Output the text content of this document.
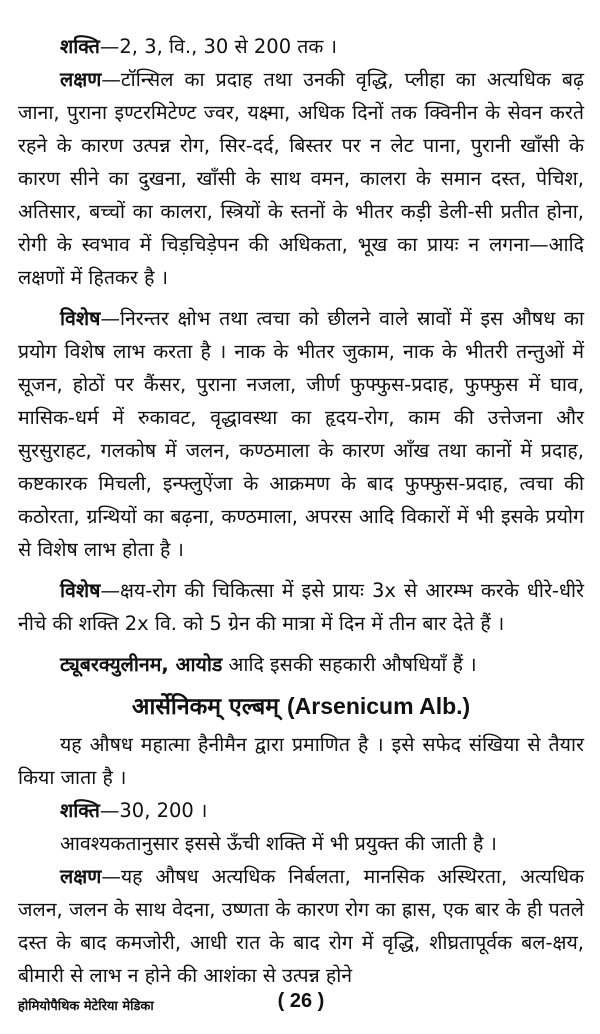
शक्ति—2, 3, वि., 30 से 200 तक ।

लक्षण—टॉन्सिल का प्रदाह तथा उनकी वृद्धि, प्लीहा का अत्यधिक बढ़ जाना, पुराना इण्टरमिटेण्ट ज्वर, यक्ष्मा, अधिक दिनों तक क्विनीन के सेवन करते रहने के कारण उत्पन्न रोग, सिर-दर्द, बिस्तर पर न लेट पाना, पुरानी खाँसी के कारण सीने का दुखना, खाँसी के साथ वमन, कालरा के समान दस्त, पेचिश, अतिसार, बच्चों का कालरा, स्त्रियों के स्तनों के भीतर कड़ी डेली-सी प्रतीत होना, रोगी के स्वभाव में चिड़चिड़ेपन की अधिकता, भूख का प्रायः न लगना—आदि लक्षणों में हितकर है ।

विशेष—निरन्तर क्षोभ तथा त्वचा को छीलने वाले स्रावों में इस औषध का प्रयोग विशेष लाभ करता है । नाक के भीतर जुकाम, नाक के भीतरी तन्तुओं में सूजन, होठों पर कैंसर, पुराना नजला, जीर्ण फुफ्फुस-प्रदाह, फुफ्फुस में घाव, मासिक-धर्म में रुकावट, वृद्धावस्था का हृदय-रोग, काम की उत्तेजना और सुरसुराहट, गलकोष में जलन, कण्ठमाला के कारण आँख तथा कानों में प्रदाह, कष्टकारक मिचली, इन्फ्लुऐंजा के आक्रमण के बाद फुफ्फुस-प्रदाह, त्वचा की कठोरता, ग्रन्थियों का बढ़ना, कण्ठमाला, अपरस आदि विकारों में भी इसके प्रयोग से विशेष लाभ होता है ।

विशेष—क्षय-रोग की चिकित्सा में इसे प्रायः 3x से आरम्भ करके धीरे-धीरे नीचे की शक्ति 2x वि. को 5 ग्रेन की मात्रा में दिन में तीन बार देते हैं ।

ट्यूबरक्युलीनम, आयोड आदि इसकी सहकारी औषधियाँ हैं ।

आर्सेनिकम् एल्बम् (Arsenicum Alb.)

यह औषध महात्मा हैनीमैन द्वारा प्रमाणित है । इसे सफेद संखिया से तैयार किया जाता है ।

शक्ति—30, 200 ।

आवश्यकतानुसार इससे ऊँची शक्ति में भी प्रयुक्त की जाती है ।

लक्षण—यह औषध अत्यधिक निर्बलता, मानसिक अस्थिरता, अत्यधिक जलन, जलन के साथ वेदना, उष्णता के कारण रोग का ह्रास, एक बार के ही पतले दस्त के बाद कमजोरी, आधी रात के बाद रोग में वृद्धि, शीघ्रतापूर्वक बल-क्षय, बीमारी से लाभ न होने की आशंका से उत्पन्न होने

होमियोपैथिक मेटेरिया मेडिका	( 26 )
